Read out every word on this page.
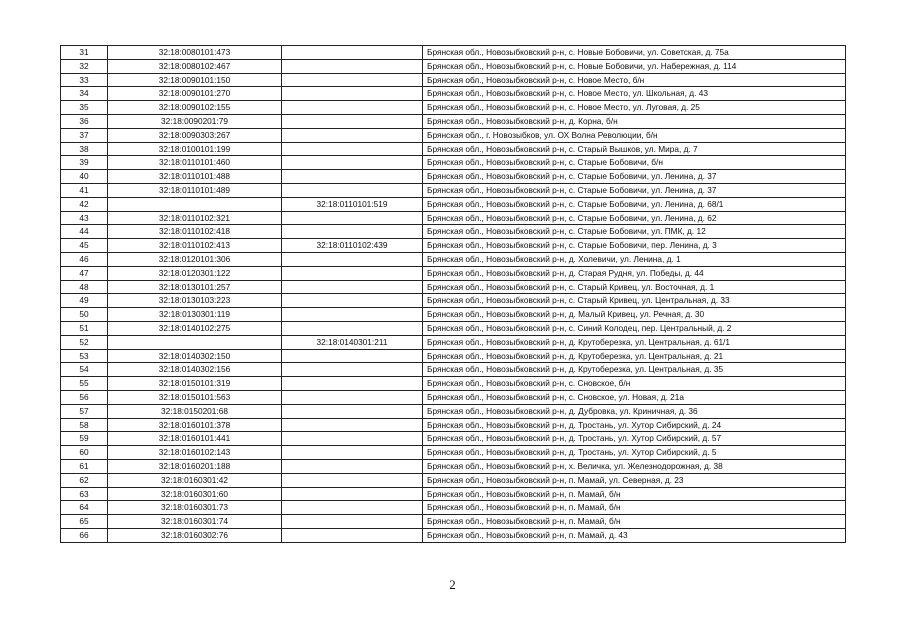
31	32:18:0080101:473		Брянская обл., Новозыбковский р-н, с. Новые Бобовичи, ул. Советская, д. 75а
32	32:18:0080102:467		Брянская обл., Новозыбковский р-н, с. Новые Бобовичи, ул. Набережная, д. 114
33	32:18:0090101:150		Брянская обл., Новозыбковский р-н, с. Новое Место, б/н
34	32:18:0090101:270		Брянская обл., Новозыбковский р-н, с. Новое Место, ул. Школьная, д. 43
35	32:18:0090102:155		Брянская обл., Новозыбковский р-н, с. Новое Место, ул. Луговая, д. 25
36	32:18:0090201:79		Брянская обл., Новозыбковский р-н, д. Корна, б/н
37	32:18:0090303:267		Брянская обл., г. Новозыбков, ул. ОХ Волна Революции, б/н
38	32:18:0100101:199		Брянская обл., Новозыбковский р-н, с. Старый Вышков, ул. Мира, д. 7
39	32:18:0110101:460		Брянская обл., Новозыбковский р-н, с. Старые Бобовичи, б/н
40	32:18:0110101:488		Брянская обл., Новозыбковский р-н, с. Старые Бобовичи, ул. Ленина, д. 37
41	32:18:0110101:489		Брянская обл., Новозыбковский р-н, с. Старые Бобовичи, ул. Ленина, д. 37
42		32:18:0110101:519	Брянская обл., Новозыбковский р-н, с. Старые Бобовичи, ул. Ленина, д. 68/1
43	32:18:0110102:321		Брянская обл., Новозыбковский р-н, с. Старые Бобовичи, ул. Ленина, д. 62
44	32:18:0110102:418		Брянская обл., Новозыбковский р-н, с. Старые Бобовичи, ул. ПМК, д. 12
45	32:18:0110102:413	32:18:0110102:439	Брянская обл., Новозыбковский р-н, с. Старые Бобовичи, пер. Ленина, д. 3
46	32:18:0120101:306		Брянская обл., Новозыбковский р-н, д. Холевичи, ул. Ленина, д. 1
47	32:18:0120301:122		Брянская обл., Новозыбковский р-н, д. Старая Рудня, ул. Победы, д. 44
48	32:18:0130101:257		Брянская обл., Новозыбковский р-н, с. Старый Кривец, ул. Восточная, д. 1
49	32:18:0130103:223		Брянская обл., Новозыбковский р-н, с. Старый Кривец, ул. Центральная, д. 33
50	32:18:0130301:119		Брянская обл., Новозыбковский р-н, д. Малый Кривец, ул. Речная, д. 30
51	32:18:0140102:275		Брянская обл., Новозыбковский р-н, с. Синий Колодец, пер. Центральный, д. 2
52		32:18:0140301:211	Брянская обл., Новозыбковский р-н, д. Крутоберезка, ул. Центральная, д. 61/1
53	32:18:0140302:150		Брянская обл., Новозыбковский р-н, д. Крутоберезка, ул. Центральная, д. 21
54	32:18:0140302:156		Брянская обл., Новозыбковский р-н, д. Крутоберезка, ул. Центральная, д. 35
55	32:18:0150101:319		Брянская обл., Новозыбковский р-н, с. Сновское, б/н
56	32:18:0150101:563		Брянская обл., Новозыбковский р-н, с. Сновское, ул. Новая, д. 21а
57	32:18:0150201:68		Брянская обл., Новозыбковский р-н, д. Дубровка, ул. Криничная, д. 36
58	32:18:0160101:378		Брянская обл., Новозыбковский р-н, д. Тростань, ул. Хутор Сибирский, д. 24
59	32:18:0160101:441		Брянская обл., Новозыбковский р-н, д. Тростань, ул. Хутор Сибирский, д. 57
60	32:18:0160102:143		Брянская обл., Новозыбковский р-н, д. Тростань, ул. Хутор Сибирский, д. 5
61	32:18:0160201:188		Брянская обл., Новозыбковский р-н, х. Величка, ул. Железнодорожная, д. 38
62	32:18:0160301:42		Брянская обл., Новозыбковский р-н, п. Мамай, ул. Северная, д. 23
63	32:18:0160301:60		Брянская обл., Новозыбковский р-н, п. Мамай, б/н
64	32:18:0160301:73		Брянская обл., Новозыбковский р-н, п. Мамай, б/н
65	32:18:0160301:74		Брянская обл., Новозыбковский р-н, п. Мамай, б/н
66	32:18:0160302:76		Брянская обл., Новозыбковский р-н, п. Мамай, д. 43
2
